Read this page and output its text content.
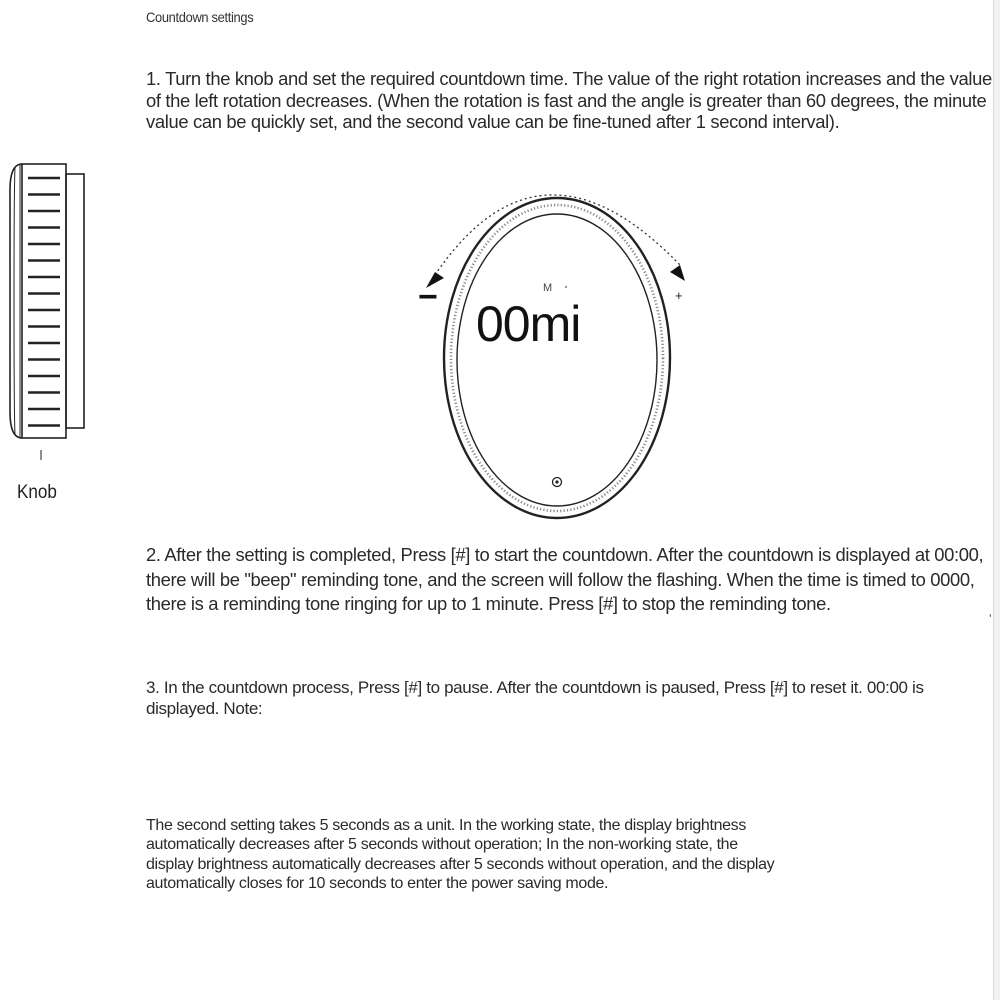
Countdown settings

1. Turn the knob and set the required countdown time. The value of the right rotation increases and the value of the left rotation decreases. (When the rotation is fast and the angle is greater than 60 degrees, the minute value can be quickly set, and the second value can be fine-tuned after 1 second interval).

Knob
M
00mi
−	+

2. After the setting is completed, Press [#] to start the countdown. After the countdown is displayed at 00:00, there will be "beep" reminding tone, and the screen will follow the flashing. When the time is timed to 0000, there is a reminding tone ringing for up to 1 minute. Press [#] to stop the reminding tone.

ʼ

3. In the countdown process, Press [#] to pause. After the countdown is paused, Press [#] to reset it. 00:00 is displayed. Note:

The second setting takes 5 seconds as a unit. In the working state, the display brightness automatically decreases after 5 seconds without operation; In the non-working state, the display brightness automatically decreases after 5 seconds without operation, and the display automatically closes for 10 seconds to enter the power saving mode.
